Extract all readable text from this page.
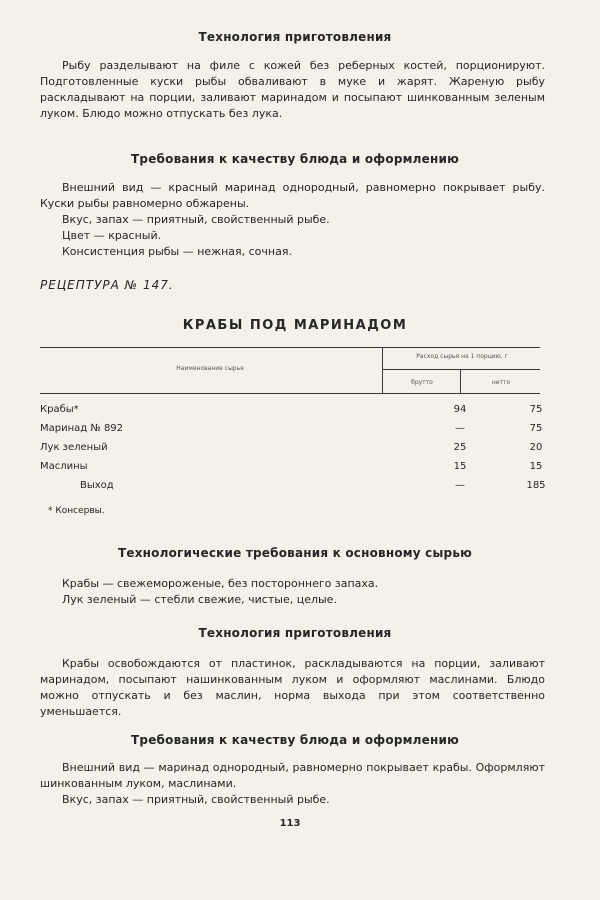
Технология приготовления

Рыбу разделывают на филе с кожей без реберных костей, порционируют. Подготовленные куски рыбы обваливают в муке и жарят. Жареную рыбу раскладывают на порции, заливают маринадом и посыпают шинкованным зеленым луком. Блюдо можно отпускать без лука.

Требования к качеству блюда и оформлению

Внешний вид — красный маринад однородный, равномерно покрывает рыбу. Куски рыбы равномерно обжарены.

Вкус, запах — приятный, свойственный рыбе.

Цвет — красный.

Консистенция рыбы — нежная, сочная.

РЕЦЕПТУРА № 147.
КРАБЫ ПОД МАРИНАДОМ
Наименование сырья
Расход сырья на 1 порцию, г
брутто	нетто
Крабы*	94	75
Маринад № 892	—	75
Лук зеленый	25	20
Маслины	15	15
Выход	—	185
* Консервы.
Технологические требования к основному сырью

Крабы — свежемороженые, без постороннего запаха.

Лук зеленый — стебли свежие, чистые, целые.

Технология приготовления

Крабы освобождаются от пластинок, раскладываются на порции, заливают маринадом, посыпают нашинкованным луком и оформляют маслинами. Блюдо можно отпускать и без маслин, норма выхода при этом соответственно уменьшается.

Требования к качеству блюда и оформлению

Внешний вид — маринад однородный, равномерно покрывает крабы. Оформляют шинкованным луком, маслинами.

Вкус, запах — приятный, свойственный рыбе.

113
